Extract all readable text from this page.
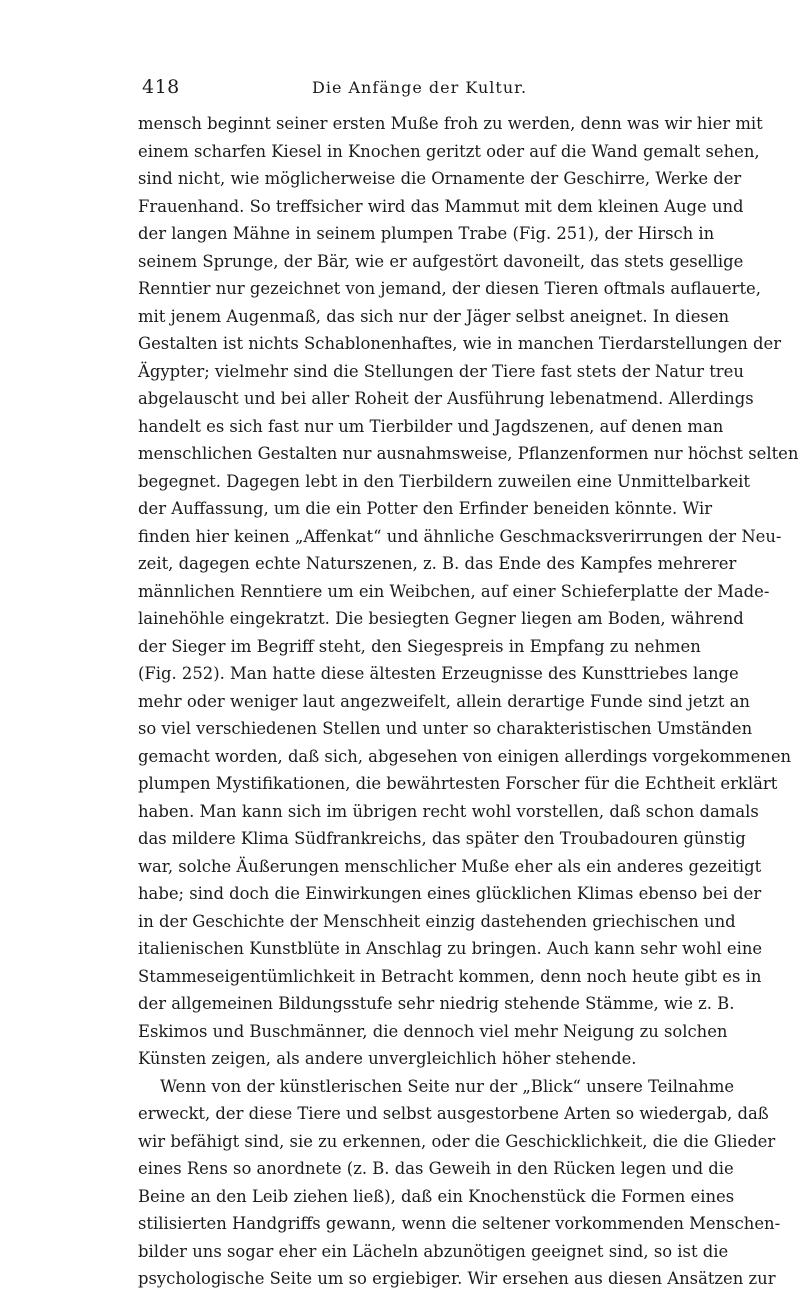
418	Die Anfänge der Kultur.
mensch beginnt seiner ersten Muße froh zu werden, denn was wir hier mit
einem scharfen Kiesel in Knochen geritzt oder auf die Wand gemalt sehen,
sind nicht, wie möglicherweise die Ornamente der Geschirre, Werke der
Frauenhand. So treffsicher wird das Mammut mit dem kleinen Auge und
der langen Mähne in seinem plumpen Trabe (Fig. 251), der Hirsch in
seinem Sprunge, der Bär, wie er aufgestört davoneilt, das stets gesellige
Renntier nur gezeichnet von jemand, der diesen Tieren oftmals auflauerte,
mit jenem Augenmaß, das sich nur der Jäger selbst aneignet. In diesen
Gestalten ist nichts Schablonenhaftes, wie in manchen Tierdarstellungen der
Ägypter; vielmehr sind die Stellungen der Tiere fast stets der Natur treu
abgelauscht und bei aller Roheit der Ausführung lebenatmend. Allerdings
handelt es sich fast nur um Tierbilder und Jagdszenen, auf denen man
menschlichen Gestalten nur ausnahmsweise, Pflanzenformen nur höchst selten
begegnet. Dagegen lebt in den Tierbildern zuweilen eine Unmittelbarkeit
der Auffassung, um die ein Potter den Erfinder beneiden könnte. Wir
finden hier keinen „Affenkat“ und ähnliche Geschmacksverirrungen der Neu-
zeit, dagegen echte Naturszenen, z. B. das Ende des Kampfes mehrerer
männlichen Renntiere um ein Weibchen, auf einer Schieferplatte der Made-
lainehöhle eingekratzt. Die besiegten Gegner liegen am Boden, während
der Sieger im Begriff steht, den Siegespreis in Empfang zu nehmen
(Fig. 252). Man hatte diese ältesten Erzeugnisse des Kunsttriebes lange
mehr oder weniger laut angezweifelt, allein derartige Funde sind jetzt an
so viel verschiedenen Stellen und unter so charakteristischen Umständen
gemacht worden, daß sich, abgesehen von einigen allerdings vorgekommenen
plumpen Mystifikationen, die bewährtesten Forscher für die Echtheit erklärt
haben. Man kann sich im übrigen recht wohl vorstellen, daß schon damals
das mildere Klima Südfrankreichs, das später den Troubadouren günstig
war, solche Äußerungen menschlicher Muße eher als ein anderes gezeitigt
habe; sind doch die Einwirkungen eines glücklichen Klimas ebenso bei der
in der Geschichte der Menschheit einzig dastehenden griechischen und
italienischen Kunstblüte in Anschlag zu bringen. Auch kann sehr wohl eine
Stammeseigentümlichkeit in Betracht kommen, denn noch heute gibt es in
der allgemeinen Bildungsstufe sehr niedrig stehende Stämme, wie z. B.
Eskimos und Buschmänner, die dennoch viel mehr Neigung zu solchen
Künsten zeigen, als andere unvergleichlich höher stehende.
Wenn von der künstlerischen Seite nur der „Blick“ unsere Teilnahme
erweckt, der diese Tiere und selbst ausgestorbene Arten so wiedergab, daß
wir befähigt sind, sie zu erkennen, oder die Geschicklichkeit, die die Glieder
eines Rens so anordnete (z. B. das Geweih in den Rücken legen und die
Beine an den Leib ziehen ließ), daß ein Knochenstück die Formen eines
stilisierten Handgriffs gewann, wenn die seltener vorkommenden Menschen-
bilder uns sogar eher ein Lächeln abzunötigen geeignet sind, so ist die
psychologische Seite um so ergiebiger. Wir ersehen aus diesen Ansätzen zur
